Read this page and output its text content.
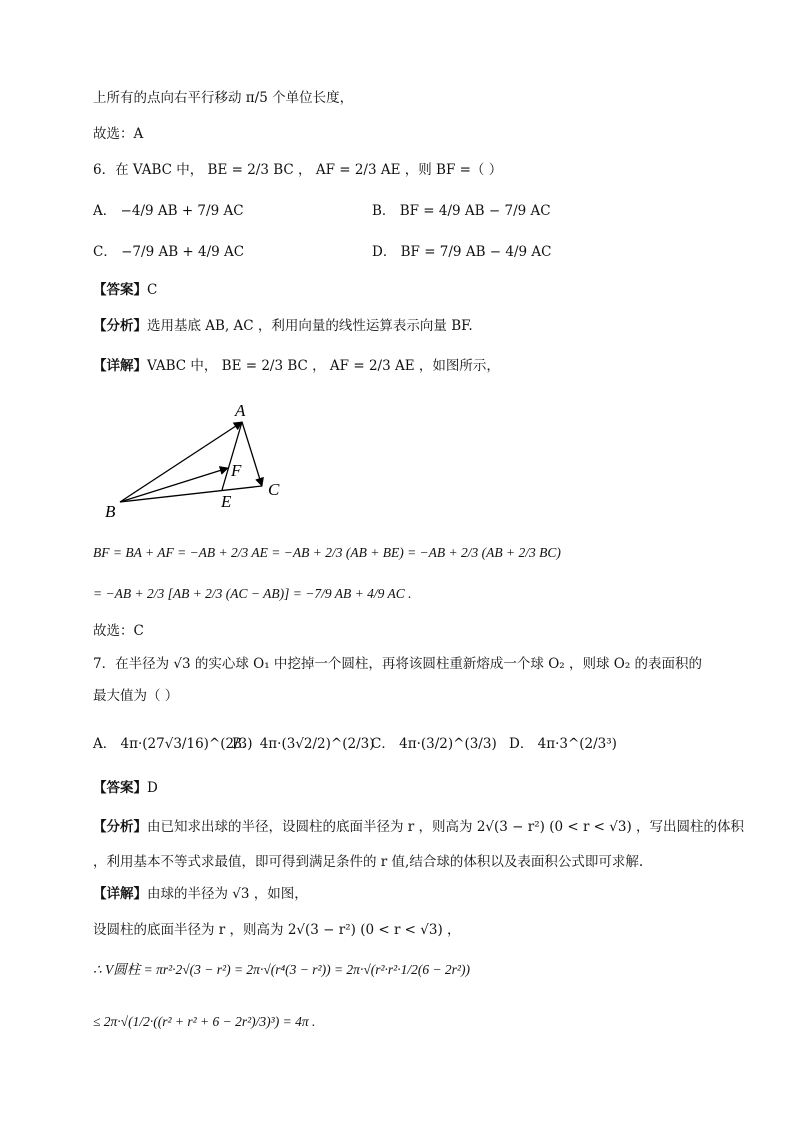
上所有的点向右平行移动 π/5 个单位长度，
故选：A
6．在 VABC 中， BE = 2/3 BC ， AF = 2/3 AE ，则 BF =（ ）
A． −4/9 AB + 7/9 AC	B． BF = 4/9 AB − 7/9 AC
C． −7/9 AB + 4/9 AC	D． BF = 7/9 AB − 4/9 AC
【答案】C
【分析】选用基底 AB, AC ，利用向量的线性运算表示向量 BF.
【详解】VABC 中， BE = 2/3 BC ， AF = 2/3 AE ，如图所示，
A
B
C
E
F
BF = BA + AF = −AB + 2/3 AE = −AB + 2/3 (AB + BE) = −AB + 2/3 (AB + 2/3 BC)
= −AB + 2/3 [AB + 2/3 (AC − AB)] = −7/9 AB + 4/9 AC .
故选：C
7．在半径为 √3 的实心球 O₁ 中挖掉一个圆柱，再将该圆柱重新熔成一个球 O₂ ，则球 O₂ 的表面积的
最大值为（ ）
A． 4π·(27√3/16)^(2/3)
B． 4π·(3√2/2)^(2/3)
C． 4π·(3/2)^(3/3) D． 4π·3^(2/3³)
【答案】D
【分析】由已知求出球的半径，设圆柱的底面半径为 r ，则高为 2√(3 − r²) (0 < r < √3) ，写出圆柱的体积
，利用基本不等式求最值，即可得到满足条件的 r 值,结合球的体积以及表面积公式即可求解.
【详解】由球的半径为 √3 ，如图，
设圆柱的底面半径为 r ，则高为 2√(3 − r²) (0 < r < √3) ，
∴ V圆柱 = πr²·2√(3 − r²) = 2π·√(r⁴(3 − r²)) = 2π·√(r²·r²·1/2(6 − 2r²))
≤ 2π·√(1/2·((r² + r² + 6 − 2r²)/3)³) = 4π .
